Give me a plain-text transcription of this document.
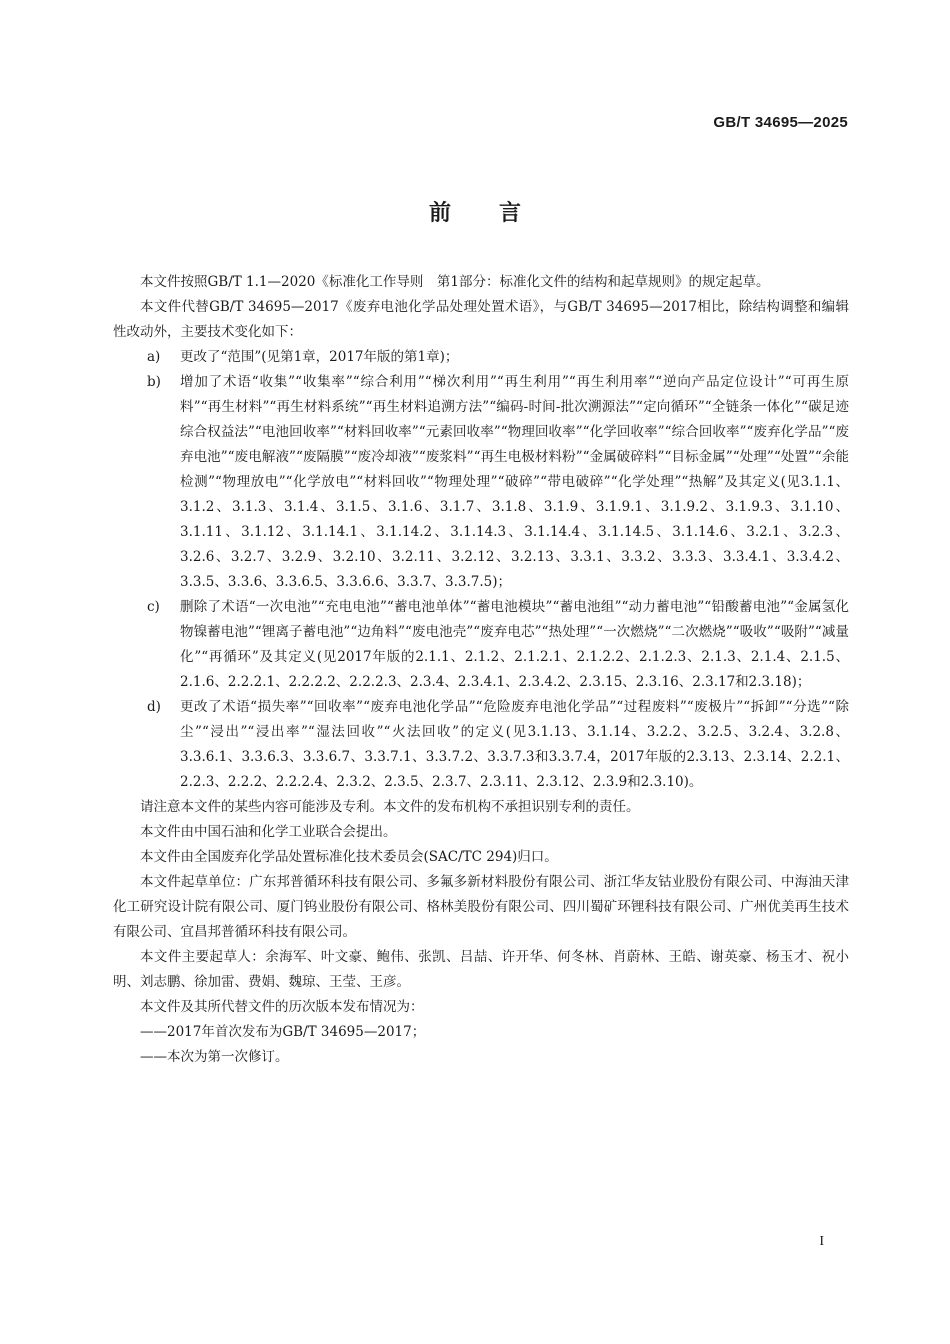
GB/T 34695—2025
前言

本文件按照GB/T 1.1—2020《标准化工作导则　第1部分：标准化文件的结构和起草规则》的规定起草。

本文件代替GB/T 34695—2017《废弃电池化学品处理处置术语》，与GB/T 34695—2017相比，除结构调整和编辑性改动外，主要技术变化如下：

a) 更改了“范围”(见第1章，2017年版的第1章)；
b) 增加了术语“收集”“收集率”“综合利用”“梯次利用”“再生利用”“再生利用率”“逆向产品定位设计”“可再生原料”“再生材料”“再生材料系统”“再生材料追溯方法”“编码-时间-批次溯源法”“定向循环”“全链条一体化”“碳足迹综合权益法”“电池回收率”“材料回收率”“元素回收率”“物理回收率”“化学回收率”“综合回收率”“废弃化学品”“废弃电池”“废电解液”“废隔膜”“废冷却液”“废浆料”“再生电极材料粉”“金属破碎料”“目标金属”“处理”“处置”“余能检测”“物理放电”“化学放电”“材料回收”“物理处理”“破碎”“带电破碎”“化学处理”“热解”及其定义(见3.1.1、3.1.2、3.1.3、3.1.4、3.1.5、3.1.6、3.1.7、3.1.8、3.1.9、3.1.9.1、3.1.9.2、3.1.9.3、3.1.10、3.1.11、3.1.12、3.1.14.1、3.1.14.2、3.1.14.3、3.1.14.4、3.1.14.5、3.1.14.6、3.2.1、3.2.3、3.2.6、3.2.7、3.2.9、3.2.10、3.2.11、3.2.12、3.2.13、3.3.1、3.3.2、3.3.3、3.3.4.1、3.3.4.2、3.3.5、3.3.6、3.3.6.5、3.3.6.6、3.3.7、3.3.7.5)；
c) 删除了术语“一次电池”“充电电池”“蓄电池单体”“蓄电池模块”“蓄电池组”“动力蓄电池”“铅酸蓄电池”“金属氢化物镍蓄电池”“锂离子蓄电池”“边角料”“废电池壳”“废弃电芯”“热处理”“一次燃烧”“二次燃烧”“吸收”“吸附”“减量化”“再循环”及其定义(见2017年版的2.1.1、2.1.2、2.1.2.1、2.1.2.2、2.1.2.3、2.1.3、2.1.4、2.1.5、2.1.6、2.2.2.1、2.2.2.2、2.2.2.3、2.3.4、2.3.4.1、2.3.4.2、2.3.15、2.3.16、2.3.17和2.3.18)；
d) 更改了术语“损失率”“回收率”“废弃电池化学品”“危险废弃电池化学品”“过程废料”“废极片”“拆卸”“分选”“除尘”“浸出”“浸出率”“湿法回收”“火法回收”的定义(见3.1.13、3.1.14、3.2.2、3.2.5、3.2.4、3.2.8、3.3.6.1、3.3.6.3、3.3.6.7、3.3.7.1、3.3.7.2、3.3.7.3和3.3.7.4，2017年版的2.3.13、2.3.14、2.2.1、2.2.3、2.2.2、2.2.2.4、2.3.2、2.3.5、2.3.7、2.3.11、2.3.12、2.3.9和2.3.10)。

请注意本文件的某些内容可能涉及专利。本文件的发布机构不承担识别专利的责任。

本文件由中国石油和化学工业联合会提出。

本文件由全国废弃化学品处置标准化技术委员会(SAC/TC 294)归口。

本文件起草单位：广东邦普循环科技有限公司、多氟多新材料股份有限公司、浙江华友钴业股份有限公司、中海油天津化工研究设计院有限公司、厦门钨业股份有限公司、格林美股份有限公司、四川蜀矿环锂科技有限公司、广州优美再生技术有限公司、宜昌邦普循环科技有限公司。

本文件主要起草人：余海军、叶文豪、鲍伟、张凯、吕喆、许开华、何冬林、肖蔚林、王皓、谢英豪、杨玉才、祝小明、刘志鹏、徐加雷、费娟、魏琼、王莹、王彦。

本文件及其所代替文件的历次版本发布情况为：

——2017年首次发布为GB/T 34695—2017；

——本次为第一次修订。

I
